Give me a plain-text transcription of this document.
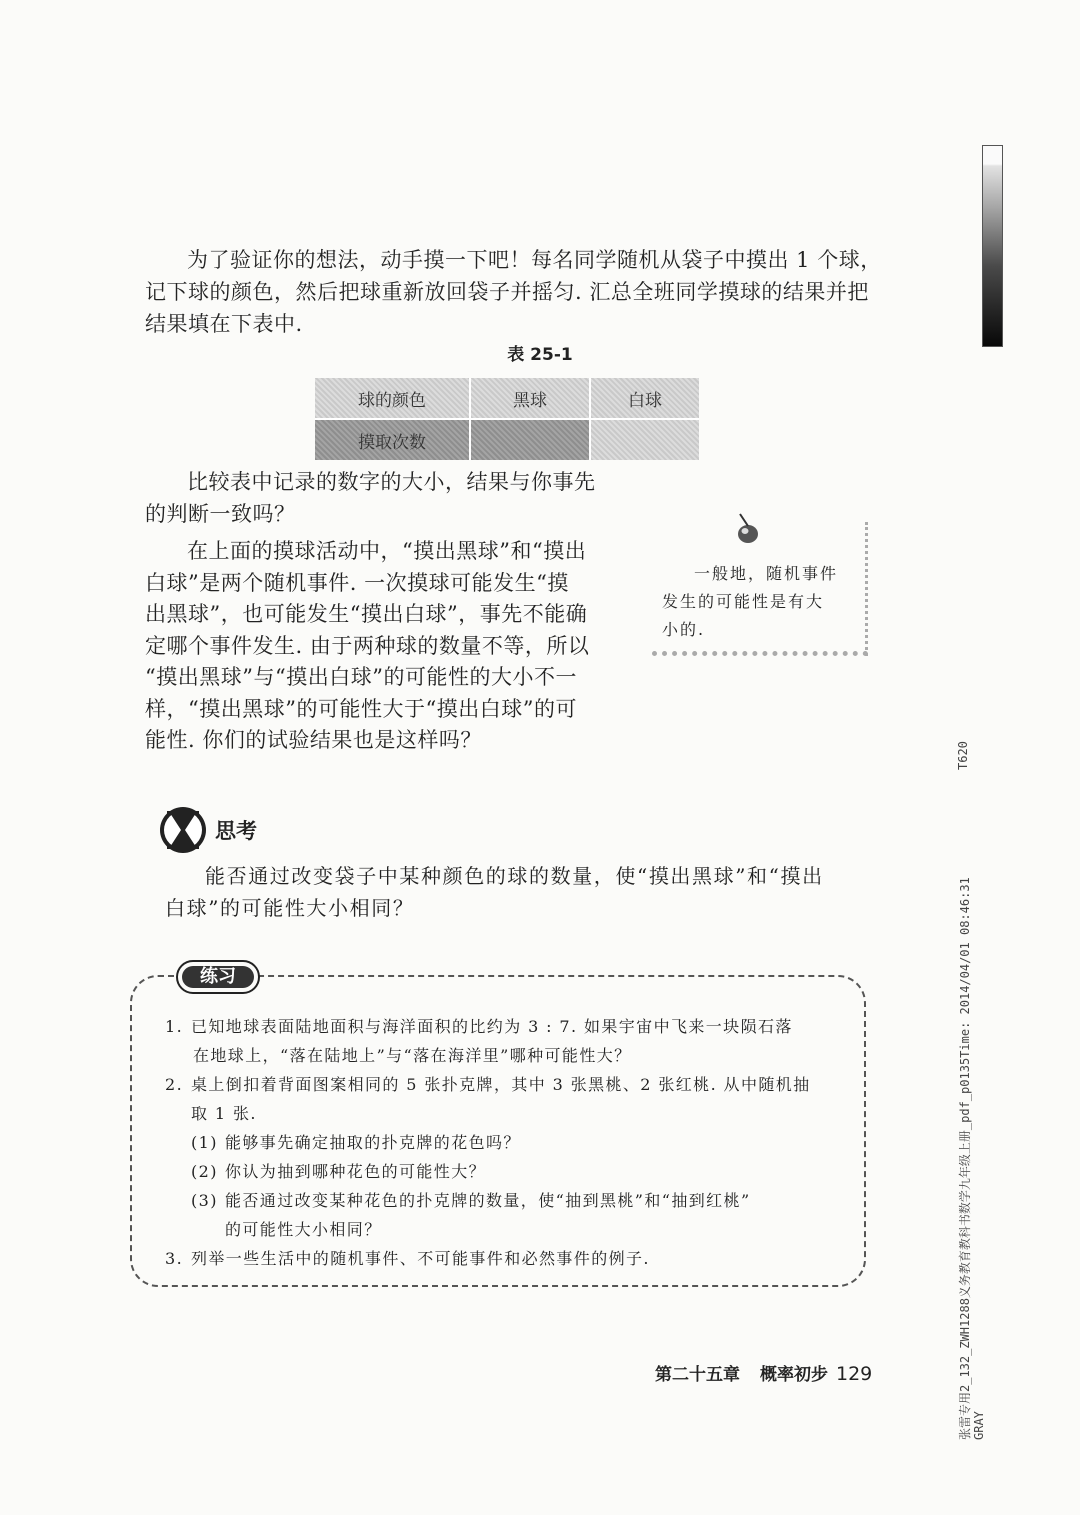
为了验证你的想法，动手摸一下吧！每名同学随机从袋子中摸出 1 个球，
记下球的颜色，然后把球重新放回袋子并摇匀. 汇总全班同学摸球的结果并把
结果填在下表中.
表 25-1
球的颜色	黑球	白球
摸取次数		
比较表中记录的数字的大小，结果与你事先
的判断一致吗？
在上面的摸球活动中，“摸出黑球”和“摸出
白球”是两个随机事件. 一次摸球可能发生“摸
出黑球”，也可能发生“摸出白球”，事先不能确
定哪个事件发生. 由于两种球的数量不等，所以
“摸出黑球”与“摸出白球”的可能性的大小不一
样，“摸出黑球”的可能性大于“摸出白球”的可
能性. 你们的试验结果也是这样吗？
一般地，随机事件
发生的可能性是有大
小的.
思考
能否通过改变袋子中某种颜色的球的数量，使“摸出黑球”和“摸出
白球”的可能性大小相同？
练习
1. 已知地球表面陆地面积与海洋面积的比约为 3 : 7. 如果宇宙中飞来一块陨石落
在地球上，“落在陆地上”与“落在海洋里”哪种可能性大？
2. 桌上倒扣着背面图案相同的 5 张扑克牌，其中 3 张黑桃、2 张红桃. 从中随机抽
取 1 张.
(1) 能够事先确定抽取的扑克牌的花色吗？
(2) 你认为抽到哪种花色的可能性大？
(3) 能否通过改变某种花色的扑克牌的数量，使“抽到黑桃”和“抽到红桃”
的可能性大小相同？
3. 列举一些生活中的随机事件、不可能事件和必然事件的例子.
第二十五章 概率初步 129
T620
张雷专用2_132_ZWH1288义务教育教科书数学九年级上册_pdf_p0135Time: 2014/04/01 08:46:31 GRAY
